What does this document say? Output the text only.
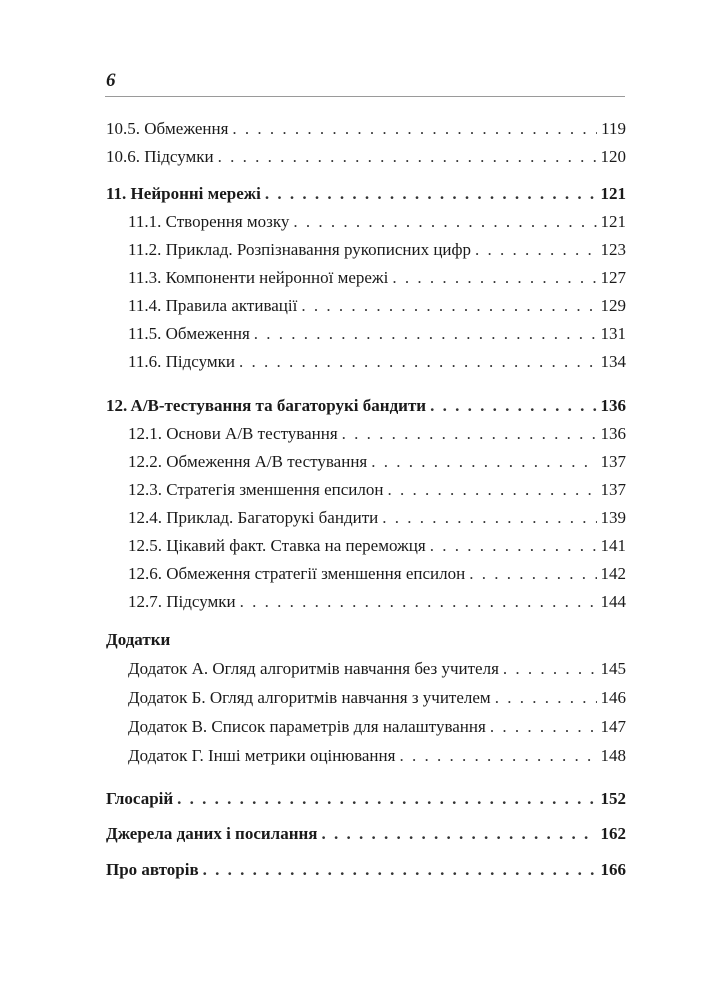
6
10.5. Обмеження . . .	119
10.6. Підсумки . . .	120
11. Нейронні мережі . . .	121
11.1. Створення мозку . . .	121
11.2. Приклад. Розпізнавання рукописних цифр . . .	123
11.3. Компоненти нейронної мережі . . .	127
11.4. Правила активації . . .	129
11.5. Обмеження . . .	131
11.6. Підсумки . . .	134
12. A/B-тестування та багаторукі бандити . . .	136
12.1. Основи A/B тестування . . .	136
12.2. Обмеження A/B тестування . . .	137
12.3. Стратегія зменшення епсилон . . .	137
12.4. Приклад. Багаторукі бандити . . .	139
12.5. Цікавий факт. Ставка на переможця . . .	141
12.6. Обмеження стратегії зменшення епсилон . . .	142
12.7. Підсумки . . .	144
Додатки
Додаток А. Огляд алгоритмів навчання без учителя . . .	145
Додаток Б. Огляд алгоритмів навчання з учителем . . .	146
Додаток В. Список параметрів для налаштування . . .	147
Додаток Г. Інші метрики оцінювання . . .	148
Глосарій . . .	152
Джерела даних і посилання . . .	162
Про авторів . . .	166
